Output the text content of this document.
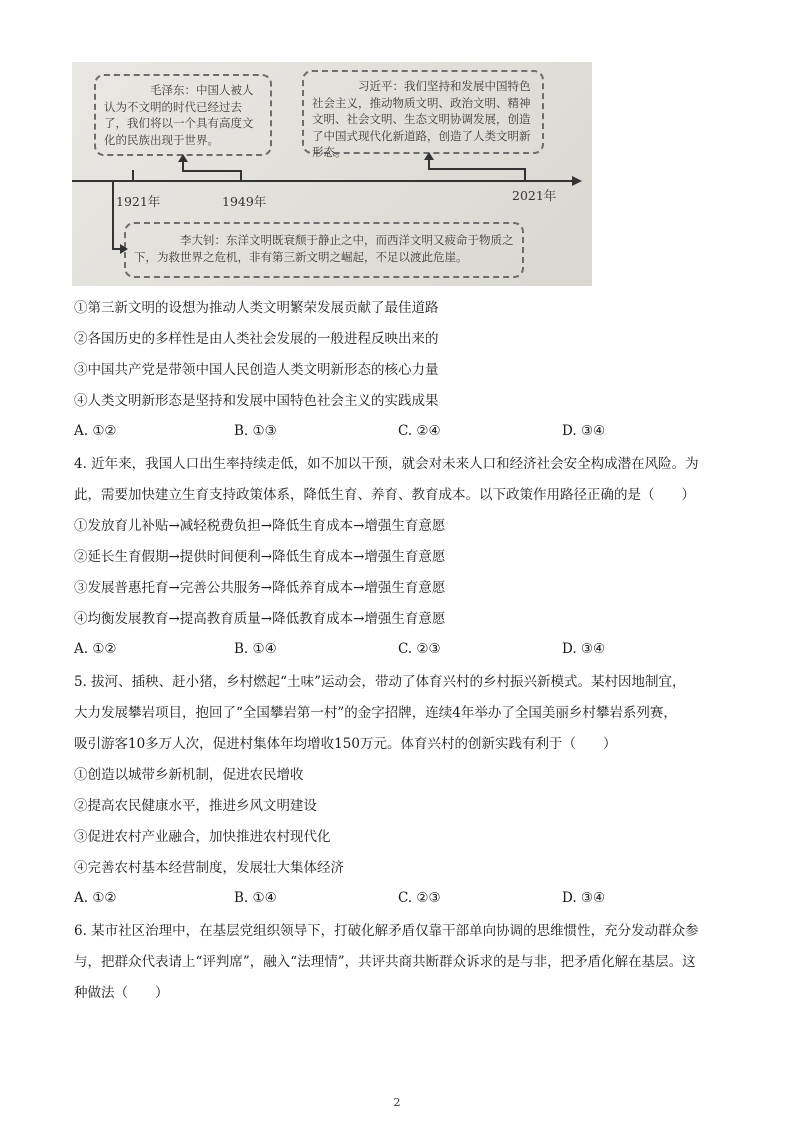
毛泽东：中国人被人认为不文明的时代已经过去了，我们将以一个具有高度文化的民族出现于世界。
习近平：我们坚持和发展中国特色社会主义，推动物质文明、政治文明、精神文明、社会文明、生态文明协调发展，创造了中国式现代化新道路，创造了人类文明新形态。
李大钊：东洋文明既衰颓于静止之中，而西洋文明又疲命于物质之下，为救世界之危机，非有第三新文明之崛起，不足以渡此危崖。
1921年	1949年	2021年
①第三新文明的设想为推动人类文明繁荣发展贡献了最佳道路
②各国历史的多样性是由人类社会发展的一般进程反映出来的
③中国共产党是带领中国人民创造人类文明新形态的核心力量
④人类文明新形态是坚持和发展中国特色社会主义的实践成果
A. ①②	B. ①③	C. ②④	D. ③④
4. 近年来，我国人口出生率持续走低，如不加以干预，就会对未来人口和经济社会安全构成潜在风险。为
此，需要加快建立生育支持政策体系，降低生育、养育、教育成本。以下政策作用路径正确的是（　　）
①发放育儿补贴→减轻税费负担→降低生育成本→增强生育意愿
②延长生育假期→提供时间便利→降低生育成本→增强生育意愿
③发展普惠托育→完善公共服务→降低养育成本→增强生育意愿
④均衡发展教育→提高教育质量→降低教育成本→增强生育意愿
A. ①②	B. ①④	C. ②③	D. ③④
5. 拔河、插秧、赶小猪，乡村燃起“土味”运动会，带动了体育兴村的乡村振兴新模式。某村因地制宜，
大力发展攀岩项目，抱回了“全国攀岩第一村”的金字招牌，连续4年举办了全国美丽乡村攀岩系列赛，
吸引游客10多万人次，促进村集体年均增收150万元。体育兴村的创新实践有利于（　　）
①创造以城带乡新机制，促进农民增收
②提高农民健康水平，推进乡风文明建设
③促进农村产业融合，加快推进农村现代化
④完善农村基本经营制度，发展壮大集体经济
A. ①②	B. ①④	C. ②③	D. ③④
6. 某市社区治理中，在基层党组织领导下，打破化解矛盾仅靠干部单向协调的思维惯性，充分发动群众参
与，把群众代表请上“评判席”，融入“法理情”，共评共商共断群众诉求的是与非，把矛盾化解在基层。这
种做法（　　）
2
